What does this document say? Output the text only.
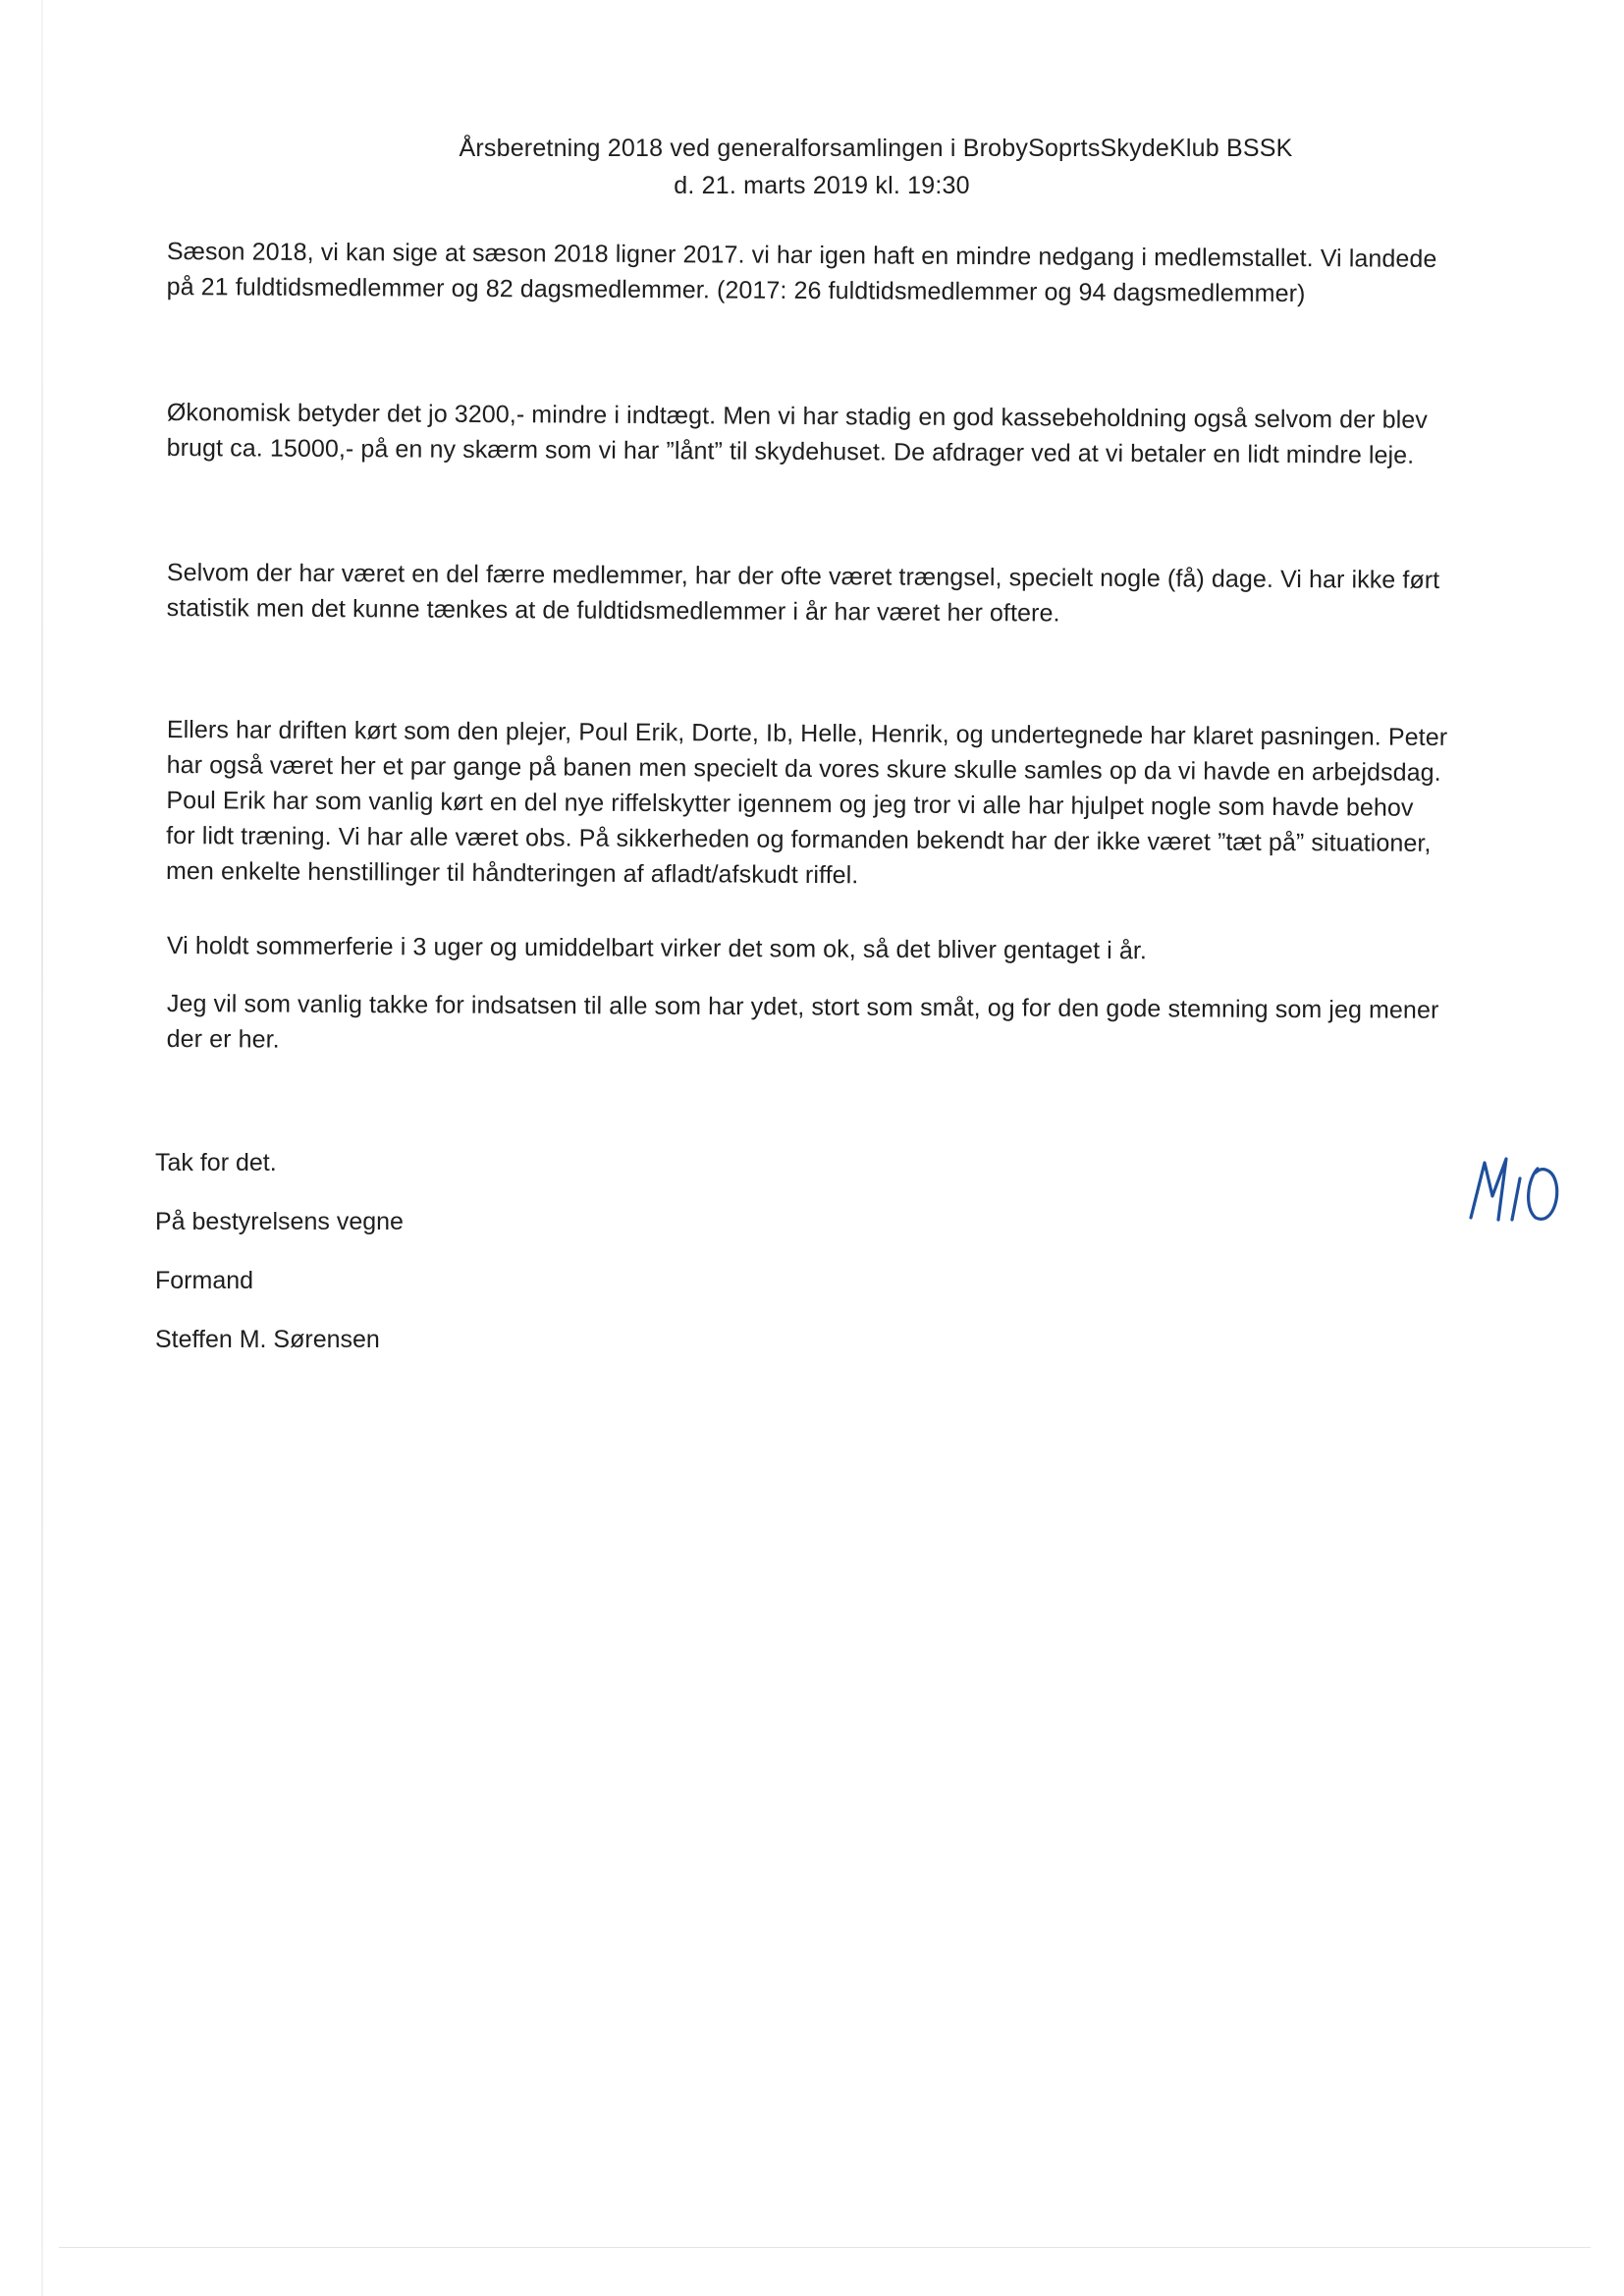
Årsberetning 2018 ved generalforsamlingen i BrobySoprtsSkydeKlub BSSK
d. 21. marts 2019 kl. 19:30
Sæson 2018, vi kan sige at sæson 2018 ligner 2017. vi har igen haft en mindre nedgang i medlemstallet. Vi landede
på 21 fuldtidsmedlemmer og 82 dagsmedlemmer. (2017: 26 fuldtidsmedlemmer og 94 dagsmedlemmer)
Økonomisk betyder det jo 3200,- mindre i indtægt. Men vi har stadig en god kassebeholdning også selvom der blev
brugt ca. 15000,- på en ny skærm som vi har ”lånt” til skydehuset. De afdrager ved at vi betaler en lidt mindre leje.
Selvom der har været en del færre medlemmer, har der ofte været trængsel, specielt nogle (få) dage. Vi har ikke ført
statistik men det kunne tænkes at de fuldtidsmedlemmer i år har været her oftere.
Ellers har driften kørt som den plejer, Poul Erik, Dorte, Ib, Helle, Henrik, og undertegnede har klaret pasningen. Peter
har også været her et par gange på banen men specielt da vores skure skulle samles op da vi havde en arbejdsdag.
Poul Erik har som vanlig kørt en del nye riffelskytter igennem og jeg tror vi alle har hjulpet nogle som havde behov
for lidt træning. Vi har alle været obs. På sikkerheden og formanden bekendt har der ikke været ”tæt på” situationer,
men enkelte henstillinger til håndteringen af afladt/afskudt riffel.
Vi holdt sommerferie i 3 uger og umiddelbart virker det som ok, så det bliver gentaget i år.
Jeg vil som vanlig takke for indsatsen til alle som har ydet, stort som småt, og for den gode stemning som jeg mener
der er her.
Tak for det.
På bestyrelsens vegne
Formand
Steffen M. Sørensen
